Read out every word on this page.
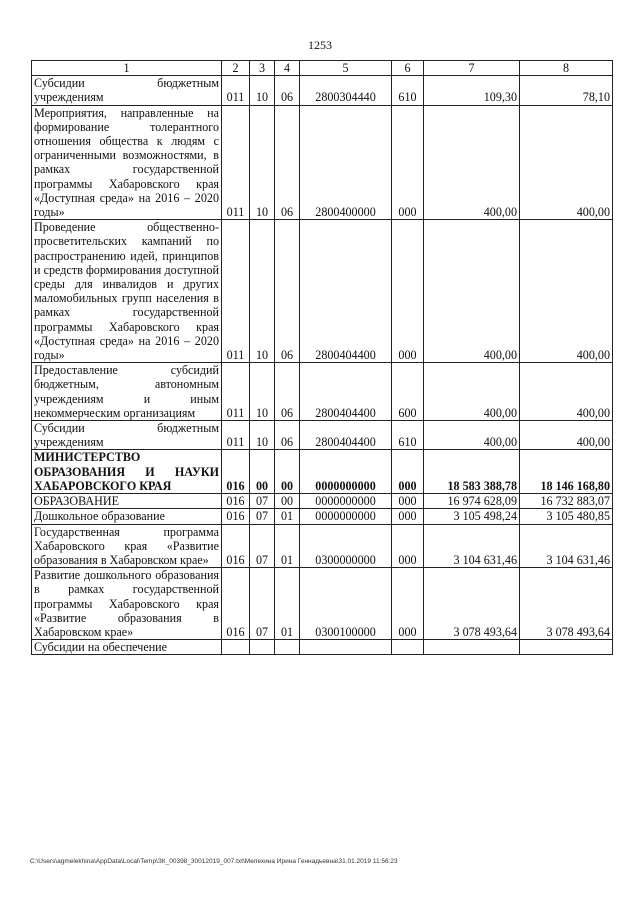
1253
1	2	3	4	5	6	7	8
Субсидии бюджетным учреждениям	011	10	06	2800304440	610	109,30	78,10
Мероприятия, направленные на формирование толерантного отношения общества к людям с ограниченными возможностями, в рамках государственной программы Хабаровского края «Доступная среда» на 2016 – 2020 годы»	011	10	06	2800400000	000	400,00	400,00
Проведение общественно-просветительских кампаний по распространению идей, принципов и средств формирования доступной среды для инвалидов и других маломобильных групп населения в рамках государственной программы Хабаровского края «Доступная среда» на 2016 – 2020 годы»	011	10	06	2800404400	000	400,00	400,00
Предоставление субсидий бюджетным, автономным учреждениям и иным некоммерческим организациям	011	10	06	2800404400	600	400,00	400,00
Субсидии бюджетным учреждениям	011	10	06	2800404400	610	400,00	400,00
МИНИСТЕРСТВО ОБРАЗОВАНИЯ И НАУКИ ХАБАРОВСКОГО КРАЯ	016	00	00	0000000000	000	18 583 388,78	18 146 168,80
ОБРАЗОВАНИЕ	016	07	00	0000000000	000	16 974 628,09	16 732 883,07
Дошкольное образование	016	07	01	0000000000	000	3 105 498,24	3 105 480,85
Государственная программа Хабаровского края «Развитие образования в Хабаровском крае»	016	07	01	0300000000	000	3 104 631,46	3 104 631,46
Развитие дошкольного образования в рамках государственной программы Хабаровского края «Развитие образования в Хабаровском крае»	016	07	01	0300100000	000	3 078 493,64	3 078 493,64
Субсидии на обеспечение							
C:\Users\agmelekhina\AppData\Local\Temp\ЗК_00398_30012019_007.txt\Мелехина Ирина Геннадьевна\31.01.2019 11:56:23
